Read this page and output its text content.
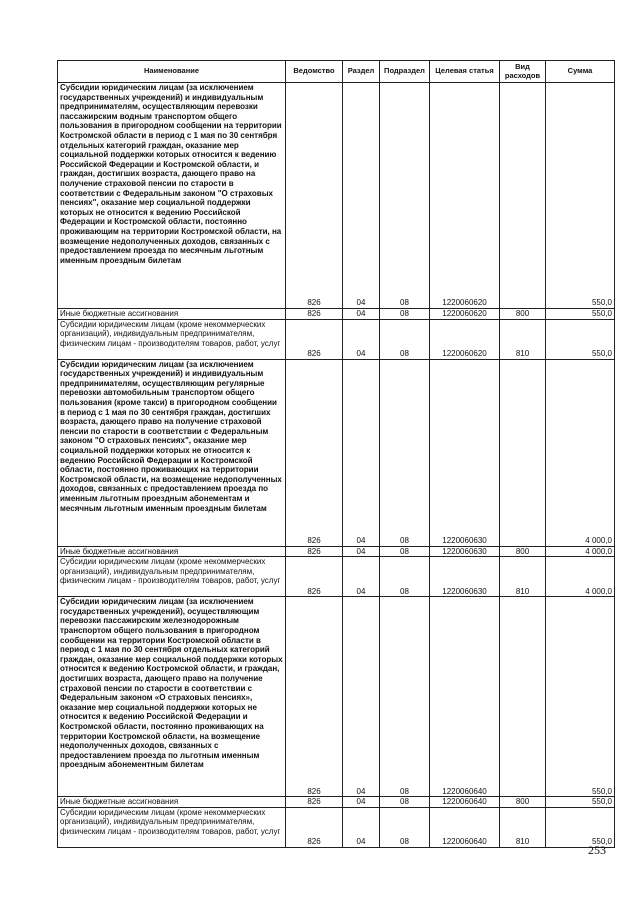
Наименование	Ведомство	Раздел	Подраздел	Целевая статья	Вид расходов	Сумма
Субсидии юридическим лицам (за исключением государственных учреждений) и индивидуальным предпринимателям, осуществляющим перевозки пассажирским водным транспортом общего пользования в пригородном сообщении на территории Костромской области в период с 1 мая по 30 сентября отдельных категорий граждан, оказание мер социальной поддержки которых относится к ведению Российской Федерации и Костромской области, и граждан, достигших возраста, дающего право на получение страховой пенсии по старости в соответствии с Федеральным законом "О страховых пенсиях", оказание мер социальной поддержки которых не относится к ведению Российской Федерации и Костромской области, постоянно проживающим на территории Костромской области, на возмещение недополученных доходов, связанных с предоставлением проезда по месячным льготным именным проездным билетам	826	04	08	1220060620		550,0
Иные бюджетные ассигнования	826	04	08	1220060620	800	550,0
Субсидии юридическим лицам (кроме некоммерческих организаций), индивидуальным предпринимателям, физическим лицам - производителям товаров, работ, услуг	826	04	08	1220060620	810	550,0
Субсидии юридическим лицам (за исключением государственных учреждений) и индивидуальным предпринимателям, осуществляющим регулярные перевозки автомобильным транспортом общего пользования (кроме такси) в пригородном сообщении в период с 1 мая по 30 сентября граждан, достигших возраста, дающего право на получение страховой пенсии по старости в соответствии с Федеральным законом "О страховых пенсиях", оказание мер социальной поддержки которых не относится к ведению Российской Федерации и Костромской области, постоянно проживающих на территории Костромской области, на возмещение недополученных доходов, связанных с предоставлением проезда по именным льготным проездным абонементам и месячным льготным именным проездным билетам	826	04	08	1220060630		4 000,0
Иные бюджетные ассигнования	826	04	08	1220060630	800	4 000,0
Субсидии юридическим лицам (кроме некоммерческих организаций), индивидуальным предпринимателям, физическим лицам - производителям товаров, работ, услуг	826	04	08	1220060630	810	4 000,0
Субсидии юридическим лицам (за исключением государственных учреждений), осуществляющим перевозки пассажирским железнодорожным транспортом общего пользования в пригородном сообщении на территории Костромской области в период с 1 мая по 30 сентября отдельных категорий граждан, оказание мер социальной поддержки которых относится к ведению Костромской области, и граждан, достигших возраста, дающего право на получение страховой пенсии по старости в соответствии с Федеральным законом «О страховых пенсиях», оказание мер социальной поддержки которых не относится к ведению Российской Федерации и Костромской области, постоянно проживающих на территории Костромской области, на возмещение недополученных доходов, связанных с предоставлением проезда по льготным именным проездным абонементным билетам	826	04	08	1220060640		550,0
Иные бюджетные ассигнования	826	04	08	1220060640	800	550,0
Субсидии юридическим лицам (кроме некоммерческих организаций), индивидуальным предпринимателям, физическим лицам - производителям товаров, работ, услуг	826	04	08	1220060640	810	550,0
253
